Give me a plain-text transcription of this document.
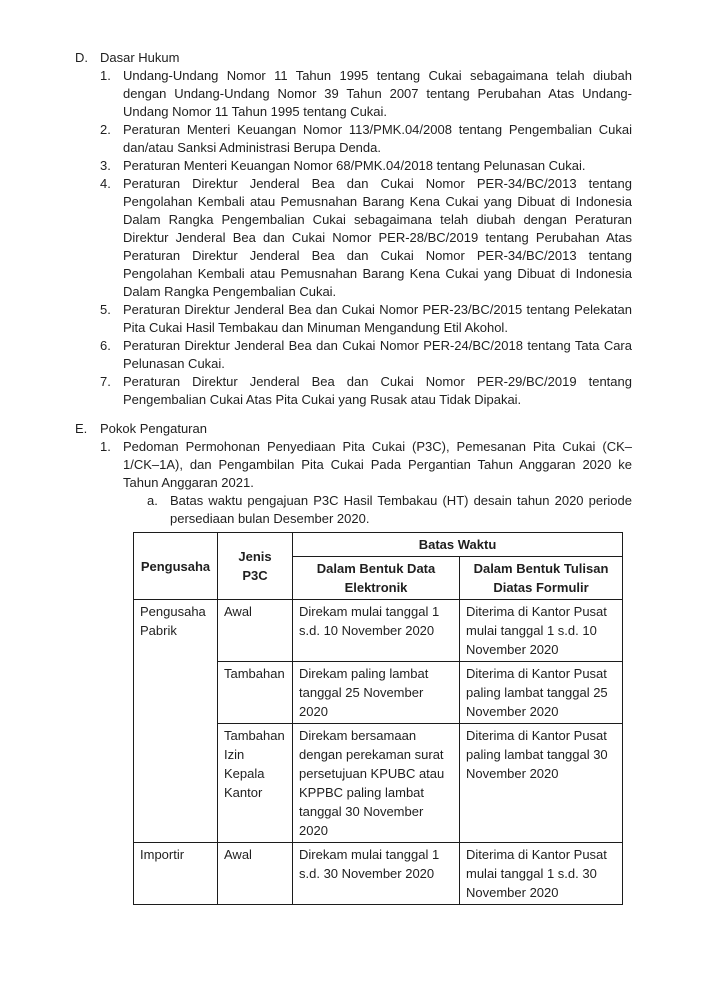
D. Dasar Hukum
1. Undang-Undang Nomor 11 Tahun 1995 tentang Cukai sebagaimana telah diubah dengan Undang-Undang Nomor 39 Tahun 2007 tentang Perubahan Atas Undang-Undang Nomor 11 Tahun 1995 tentang Cukai.
2. Peraturan Menteri Keuangan Nomor 113/PMK.04/2008 tentang Pengembalian Cukai dan/atau Sanksi Administrasi Berupa Denda.
3. Peraturan Menteri Keuangan Nomor 68/PMK.04/2018 tentang Pelunasan Cukai.
4. Peraturan Direktur Jenderal Bea dan Cukai Nomor PER-34/BC/2013 tentang Pengolahan Kembali atau Pemusnahan Barang Kena Cukai yang Dibuat di Indonesia Dalam Rangka Pengembalian Cukai sebagaimana telah diubah dengan Peraturan Direktur Jenderal Bea dan Cukai Nomor PER-28/BC/2019 tentang Perubahan Atas Peraturan Direktur Jenderal Bea dan Cukai Nomor PER-34/BC/2013 tentang Pengolahan Kembali atau Pemusnahan Barang Kena Cukai yang Dibuat di Indonesia Dalam Rangka Pengembalian Cukai.
5. Peraturan Direktur Jenderal Bea dan Cukai Nomor PER-23/BC/2015 tentang Pelekatan Pita Cukai Hasil Tembakau dan Minuman Mengandung Etil Akohol.
6. Peraturan Direktur Jenderal Bea dan Cukai Nomor PER-24/BC/2018 tentang Tata Cara Pelunasan Cukai.
7. Peraturan Direktur Jenderal Bea dan Cukai Nomor PER-29/BC/2019 tentang Pengembalian Cukai Atas Pita Cukai yang Rusak atau Tidak Dipakai.
E. Pokok Pengaturan
1. Pedoman Permohonan Penyediaan Pita Cukai (P3C), Pemesanan Pita Cukai (CK–1/CK–1A), dan Pengambilan Pita Cukai Pada Pergantian Tahun Anggaran 2020 ke Tahun Anggaran 2021.
a. Batas waktu pengajuan P3C Hasil Tembakau (HT) desain tahun 2020 periode persediaan bulan Desember 2020.
Pengusaha	Jenis P3C	Batas Waktu	
		Dalam Bentuk Data Elektronik	Dalam Bentuk Tulisan Diatas Formulir
Pengusaha Pabrik	Awal	Direkam mulai tanggal 1 s.d. 10 November 2020	Diterima di Kantor Pusat mulai tanggal 1 s.d. 10 November 2020
	Tambahan	Direkam paling lambat tanggal 25 November 2020	Diterima di Kantor Pusat paling lambat tanggal 25 November 2020
	Tambahan Izin Kepala Kantor	Direkam bersamaan dengan perekaman surat persetujuan KPUBC atau KPPBC paling lambat tanggal 30 November 2020	Diterima di Kantor Pusat paling lambat tanggal 30 November 2020
Importir	Awal	Direkam mulai tanggal 1 s.d. 30 November 2020	Diterima di Kantor Pusat mulai tanggal 1 s.d. 30 November 2020
